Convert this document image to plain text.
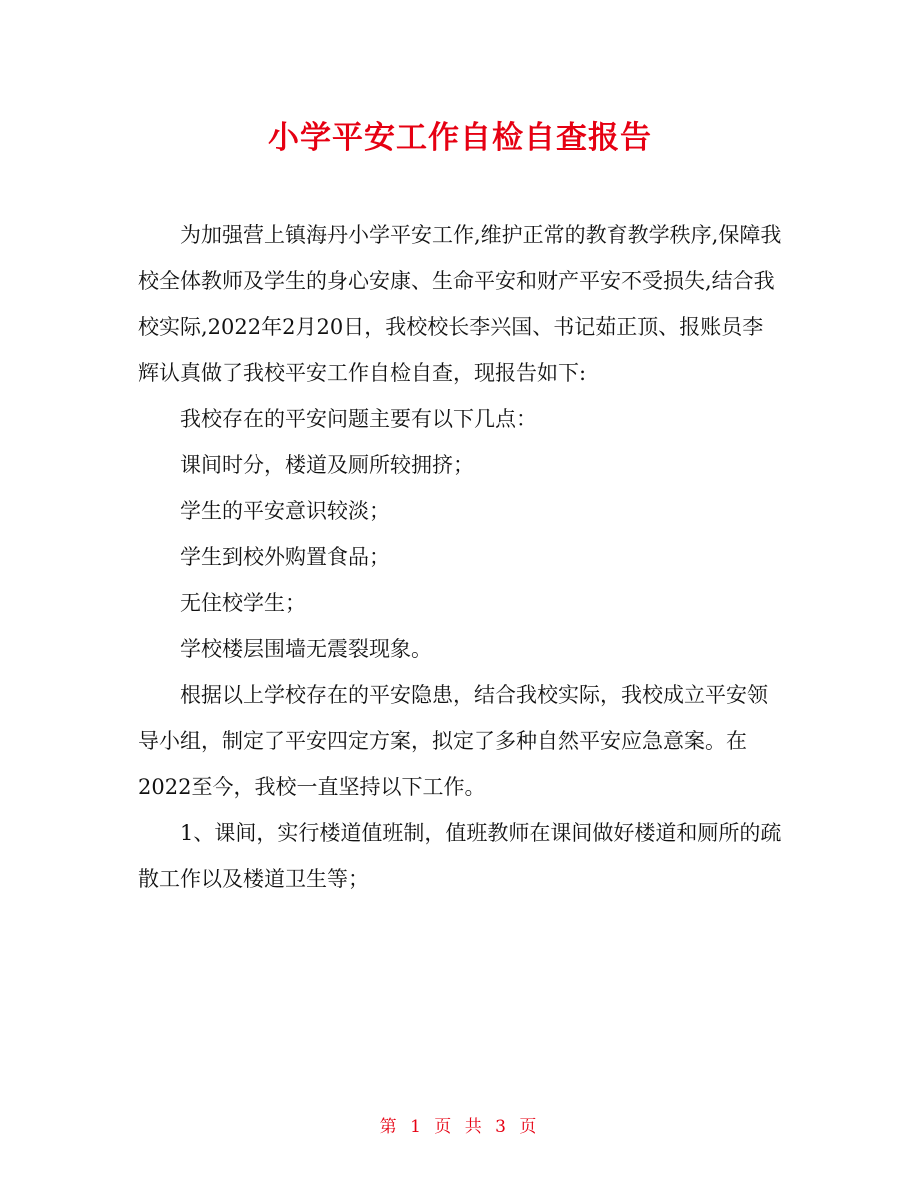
小学平安工作自检自查报告

为加强营上镇海丹小学平安工作,维护正常的教育教学秩序,保障我校全体教师及学生的身心安康、生命平安和财产平安不受损失,结合我校实际,2022年2月20日，我校校长李兴国、书记茹正顶、报账员李辉认真做了我校平安工作自检自查，现报告如下:

我校存在的平安问题主要有以下几点：

课间时分，楼道及厕所较拥挤；

学生的平安意识较淡；

学生到校外购置食品；

无住校学生；

学校楼层围墙无震裂现象。

根据以上学校存在的平安隐患，结合我校实际，我校成立平安领导小组，制定了平安四定方案，拟定了多种自然平安应急意案。在2022至今，我校一直坚持以下工作。

1、课间，实行楼道值班制，值班教师在课间做好楼道和厕所的疏散工作以及楼道卫生等；

第 1 页 共 3 页
